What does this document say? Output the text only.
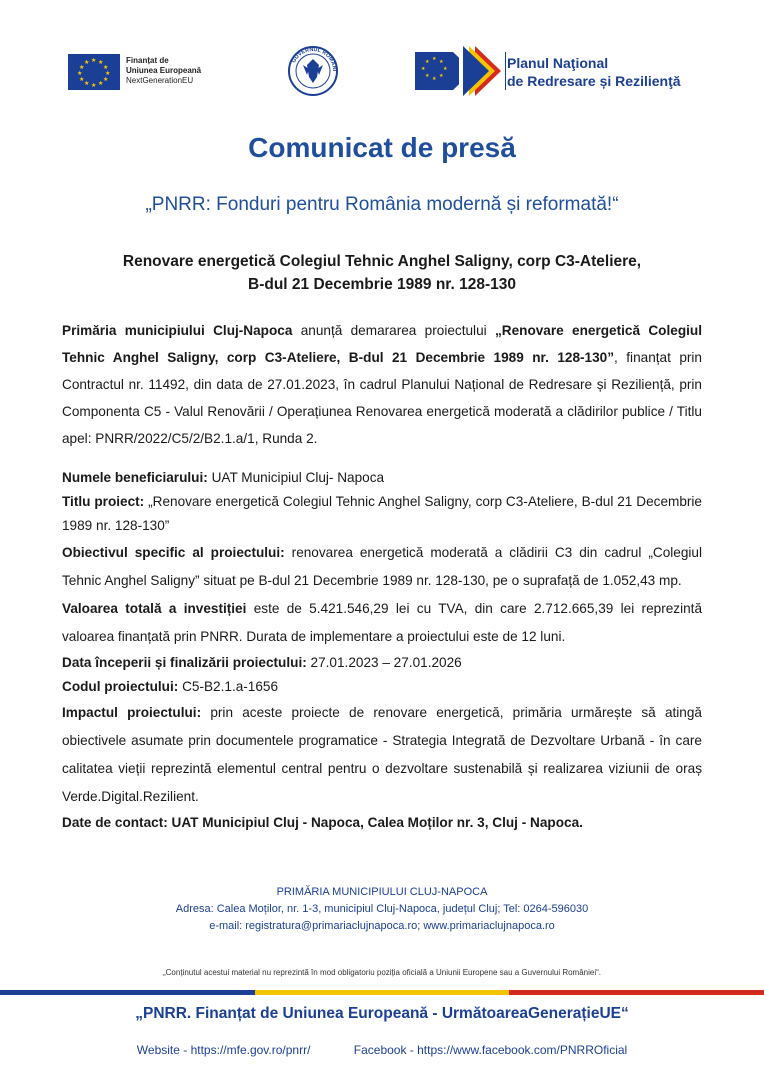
★ ★
★
★
★
★
★
★
★
★
★
★	Finanțat de
Uniunea Europeană
NextGenerationEU
GUVERNUL ROMÂNI
★ ★
★
★
★
★
★
★	Planul Naţional
de Redresare și Rezilienţă
Comunicat de presă
„PNRR: Fonduri pentru România modernă și reformată!“
Renovare energetică Colegiul Tehnic Anghel Saligny, corp C3-Ateliere,
B-dul 21 Decembrie 1989 nr. 128-130
Primăria municipiului Cluj-Napoca anunță demararea proiectului „Renovare energetică Colegiul Tehnic Anghel Saligny, corp C3-Ateliere, B-dul 21 Decembrie 1989 nr. 128-130”, finanțat prin Contractul nr. 11492, din data de 27.01.2023, în cadrul Planului Național de Redresare și Reziliență, prin Componenta C5 - Valul Renovării / Operațiunea Renovarea energetică moderată a clădirilor publice / Titlu apel: PNRR/2022/C5/2/B2.1.a/1, Runda 2.
Numele beneficiarului: UAT Municipiul Cluj- Napoca
Titlu proiect: „Renovare energetică Colegiul Tehnic Anghel Saligny, corp C3-Ateliere, B-dul 21 Decembrie 1989 nr. 128-130”
Obiectivul specific al proiectului: renovarea energetică moderată a clădirii C3 din cadrul „Colegiul Tehnic Anghel Saligny” situat pe B-dul 21 Decembrie 1989 nr. 128-130, pe o suprafață de 1.052,43 mp.
Valoarea totală a investiției este de 5.421.546,29 lei cu TVA, din care 2.712.665,39 lei reprezintă valoarea finanțată prin PNRR. Durata de implementare a proiectului este de 12 luni.
Data începerii și finalizării proiectului: 27.01.2023 – 27.01.2026
Codul proiectului: C5-B2.1.a-1656
Impactul proiectului: prin aceste proiecte de renovare energetică, primăria urmărește să atingă obiectivele asumate prin documentele programatice - Strategia Integrată de Dezvoltare Urbană - în care calitatea vieții reprezintă elementul central pentru o dezvoltare sustenabilă și realizarea viziunii de oraș Verde.Digital.Rezilient.
Date de contact: UAT Municipiul Cluj - Napoca, Calea Moților nr. 3, Cluj - Napoca.
PRIMĂRIA MUNICIPIULUI CLUJ-NAPOCA
Adresa: Calea Moților, nr. 1-3, municipiul Cluj-Napoca, județul Cluj; Tel: 0264-596030
e-mail: registratura@primariaclujnapoca.ro; www.primariaclujnapoca.ro
„Conținutul acestui material nu reprezintă în mod obligatoriu poziția oficială a Uniunii Europene sau a Guvernului României“.
„PNRR. Finanțat de Uniunea Europeană - UrmătoareaGenerațieUE“
Website - https://mfe.gov.ro/pnrr/	Facebook - https://www.facebook.com/PNRROficial
